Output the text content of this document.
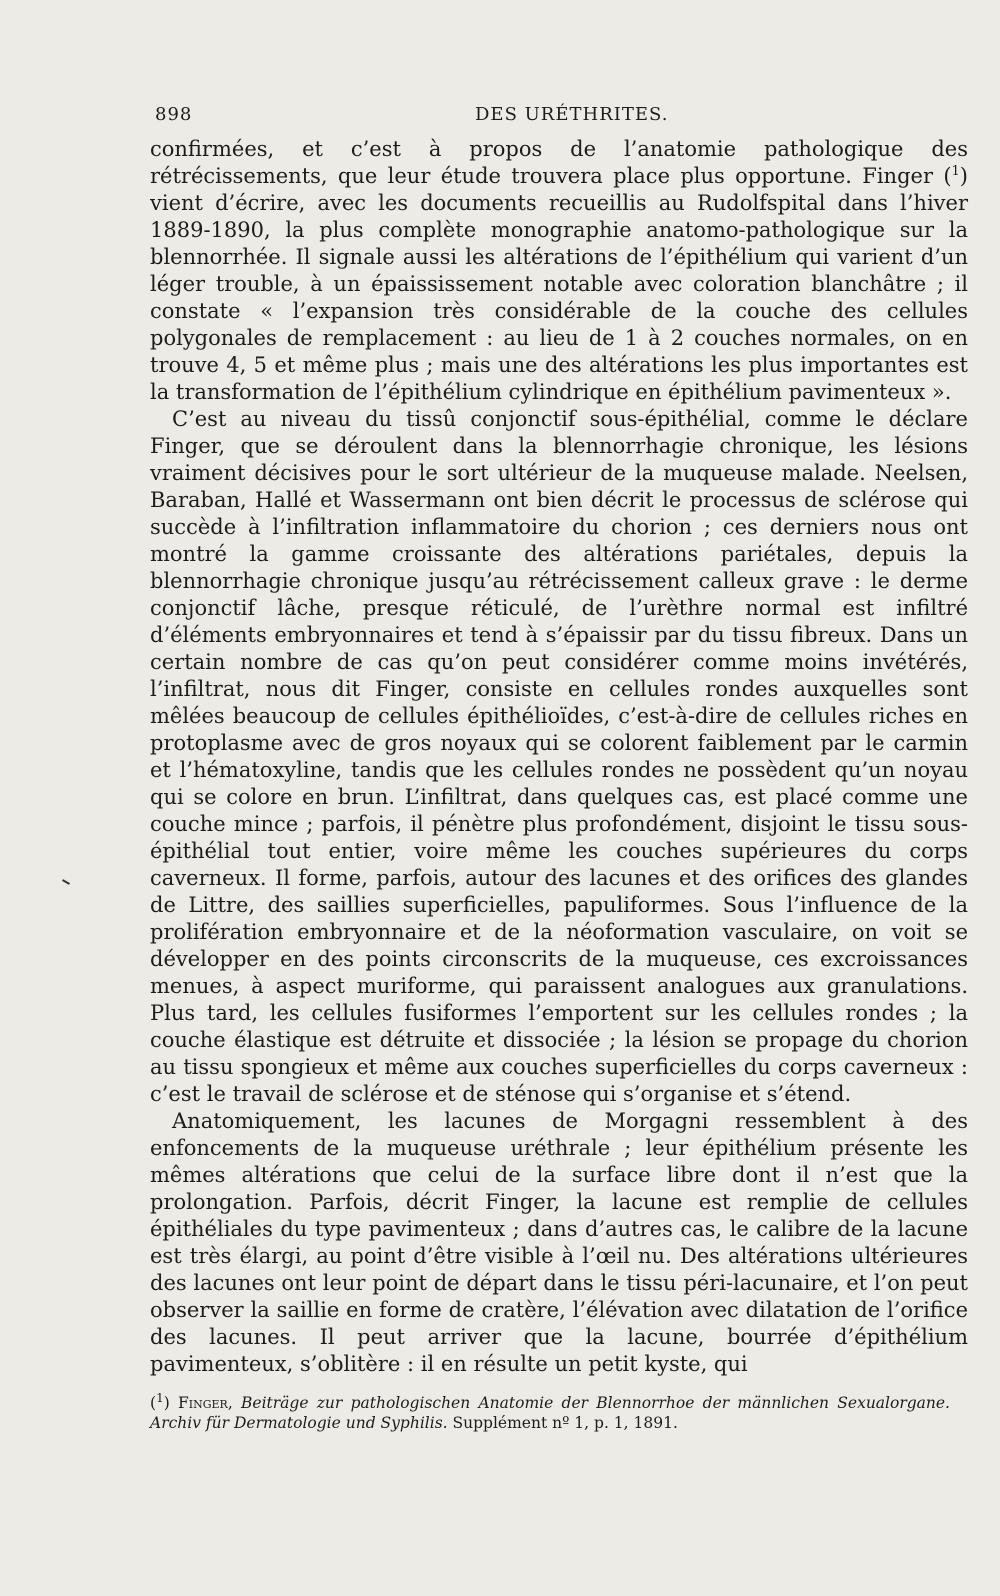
898	DES URÉTHRITES.

confirmées, et c’est à propos de l’anatomie pathologique des rétrécissements, que leur étude trouvera place plus opportune. Finger ($^1$) vient d’écrire, avec les documents recueillis au Rudolfspital dans l’hiver 1889-1890, la plus complète monographie anatomo-pathologique sur la blennorrhée. Il signale aussi les altérations de l’épithélium qui varient d’un léger trouble, à un épaississement notable avec coloration blanchâtre ; il constate « l’expansion très considérable de la couche des cellules polygonales de remplacement : au lieu de 1 à 2 couches normales, on en trouve 4, 5 et même plus ; mais une des altérations les plus importantes est la transformation de l’épithélium cylindrique en épithélium pavimenteux ».

C’est au niveau du tissû conjonctif sous-épithélial, comme le déclare Finger, que se déroulent dans la blennorrhagie chronique, les lésions vraiment décisives pour le sort ultérieur de la muqueuse malade. Neelsen, Baraban, Hallé et Wassermann ont bien décrit le processus de sclérose qui succède à l’infiltration inflammatoire du chorion ; ces derniers nous ont montré la gamme croissante des altérations pariétales, depuis la blennorrhagie chronique jusqu’au rétrécissement calleux grave : le derme conjonctif lâche, presque réticulé, de l’urèthre normal est infiltré d’éléments embryonnaires et tend à s’épaissir par du tissu fibreux. Dans un certain nombre de cas qu’on peut considérer comme moins invétérés, l’infiltrat, nous dit Finger, consiste en cellules rondes auxquelles sont mêlées beaucoup de cellules épithélioïdes, c’est-à-dire de cellules riches en protoplasme avec de gros noyaux qui se colorent faiblement par le carmin et l’hématoxyline, tandis que les cellules rondes ne possèdent qu’un noyau qui se colore en brun. L’infiltrat, dans quelques cas, est placé comme une couche mince ; parfois, il pénètre plus profondément, disjoint le tissu sous-épithélial tout entier, voire même les couches supérieures du corps caverneux. Il forme, parfois, autour des lacunes et des orifices des glandes de Littre, des saillies superficielles, papuliformes. Sous l’influence de la prolifération embryonnaire et de la néoformation vasculaire, on voit se développer en des points circonscrits de la muqueuse, ces excroissances menues, à aspect muriforme, qui paraissent analogues aux granulations. Plus tard, les cellules fusiformes l’emportent sur les cellules rondes ; la couche élastique est détruite et dissociée ; la lésion se propage du chorion au tissu spongieux et même aux couches superficielles du corps caverneux : c’est le travail de sclérose et de sténose qui s’organise et s’étend.

Anatomiquement, les lacunes de Morgagni ressemblent à des enfoncements de la muqueuse uréthrale ; leur épithélium présente les mêmes altérations que celui de la surface libre dont il n’est que la prolongation. Parfois, décrit Finger, la lacune est remplie de cellules épithéliales du type pavimenteux ; dans d’autres cas, le calibre de la lacune est très élargi, au point d’être visible à l’œil nu. Des altérations ultérieures des lacunes ont leur point de départ dans le tissu péri-lacunaire, et l’on peut observer la saillie en forme de cratère, l’élévation avec dilatation de l’orifice des lacunes. Il peut arriver que la lacune, bourrée d’épithélium pavimenteux, s’oblitère : il en résulte un petit kyste, qui

($^1$) Finger, Beiträge zur pathologischen Anatomie der Blennorrhoe der männlichen Sexualorgane. Archiv für Dermatologie und Syphilis. Supplément nº 1, p. 1, 1891.
